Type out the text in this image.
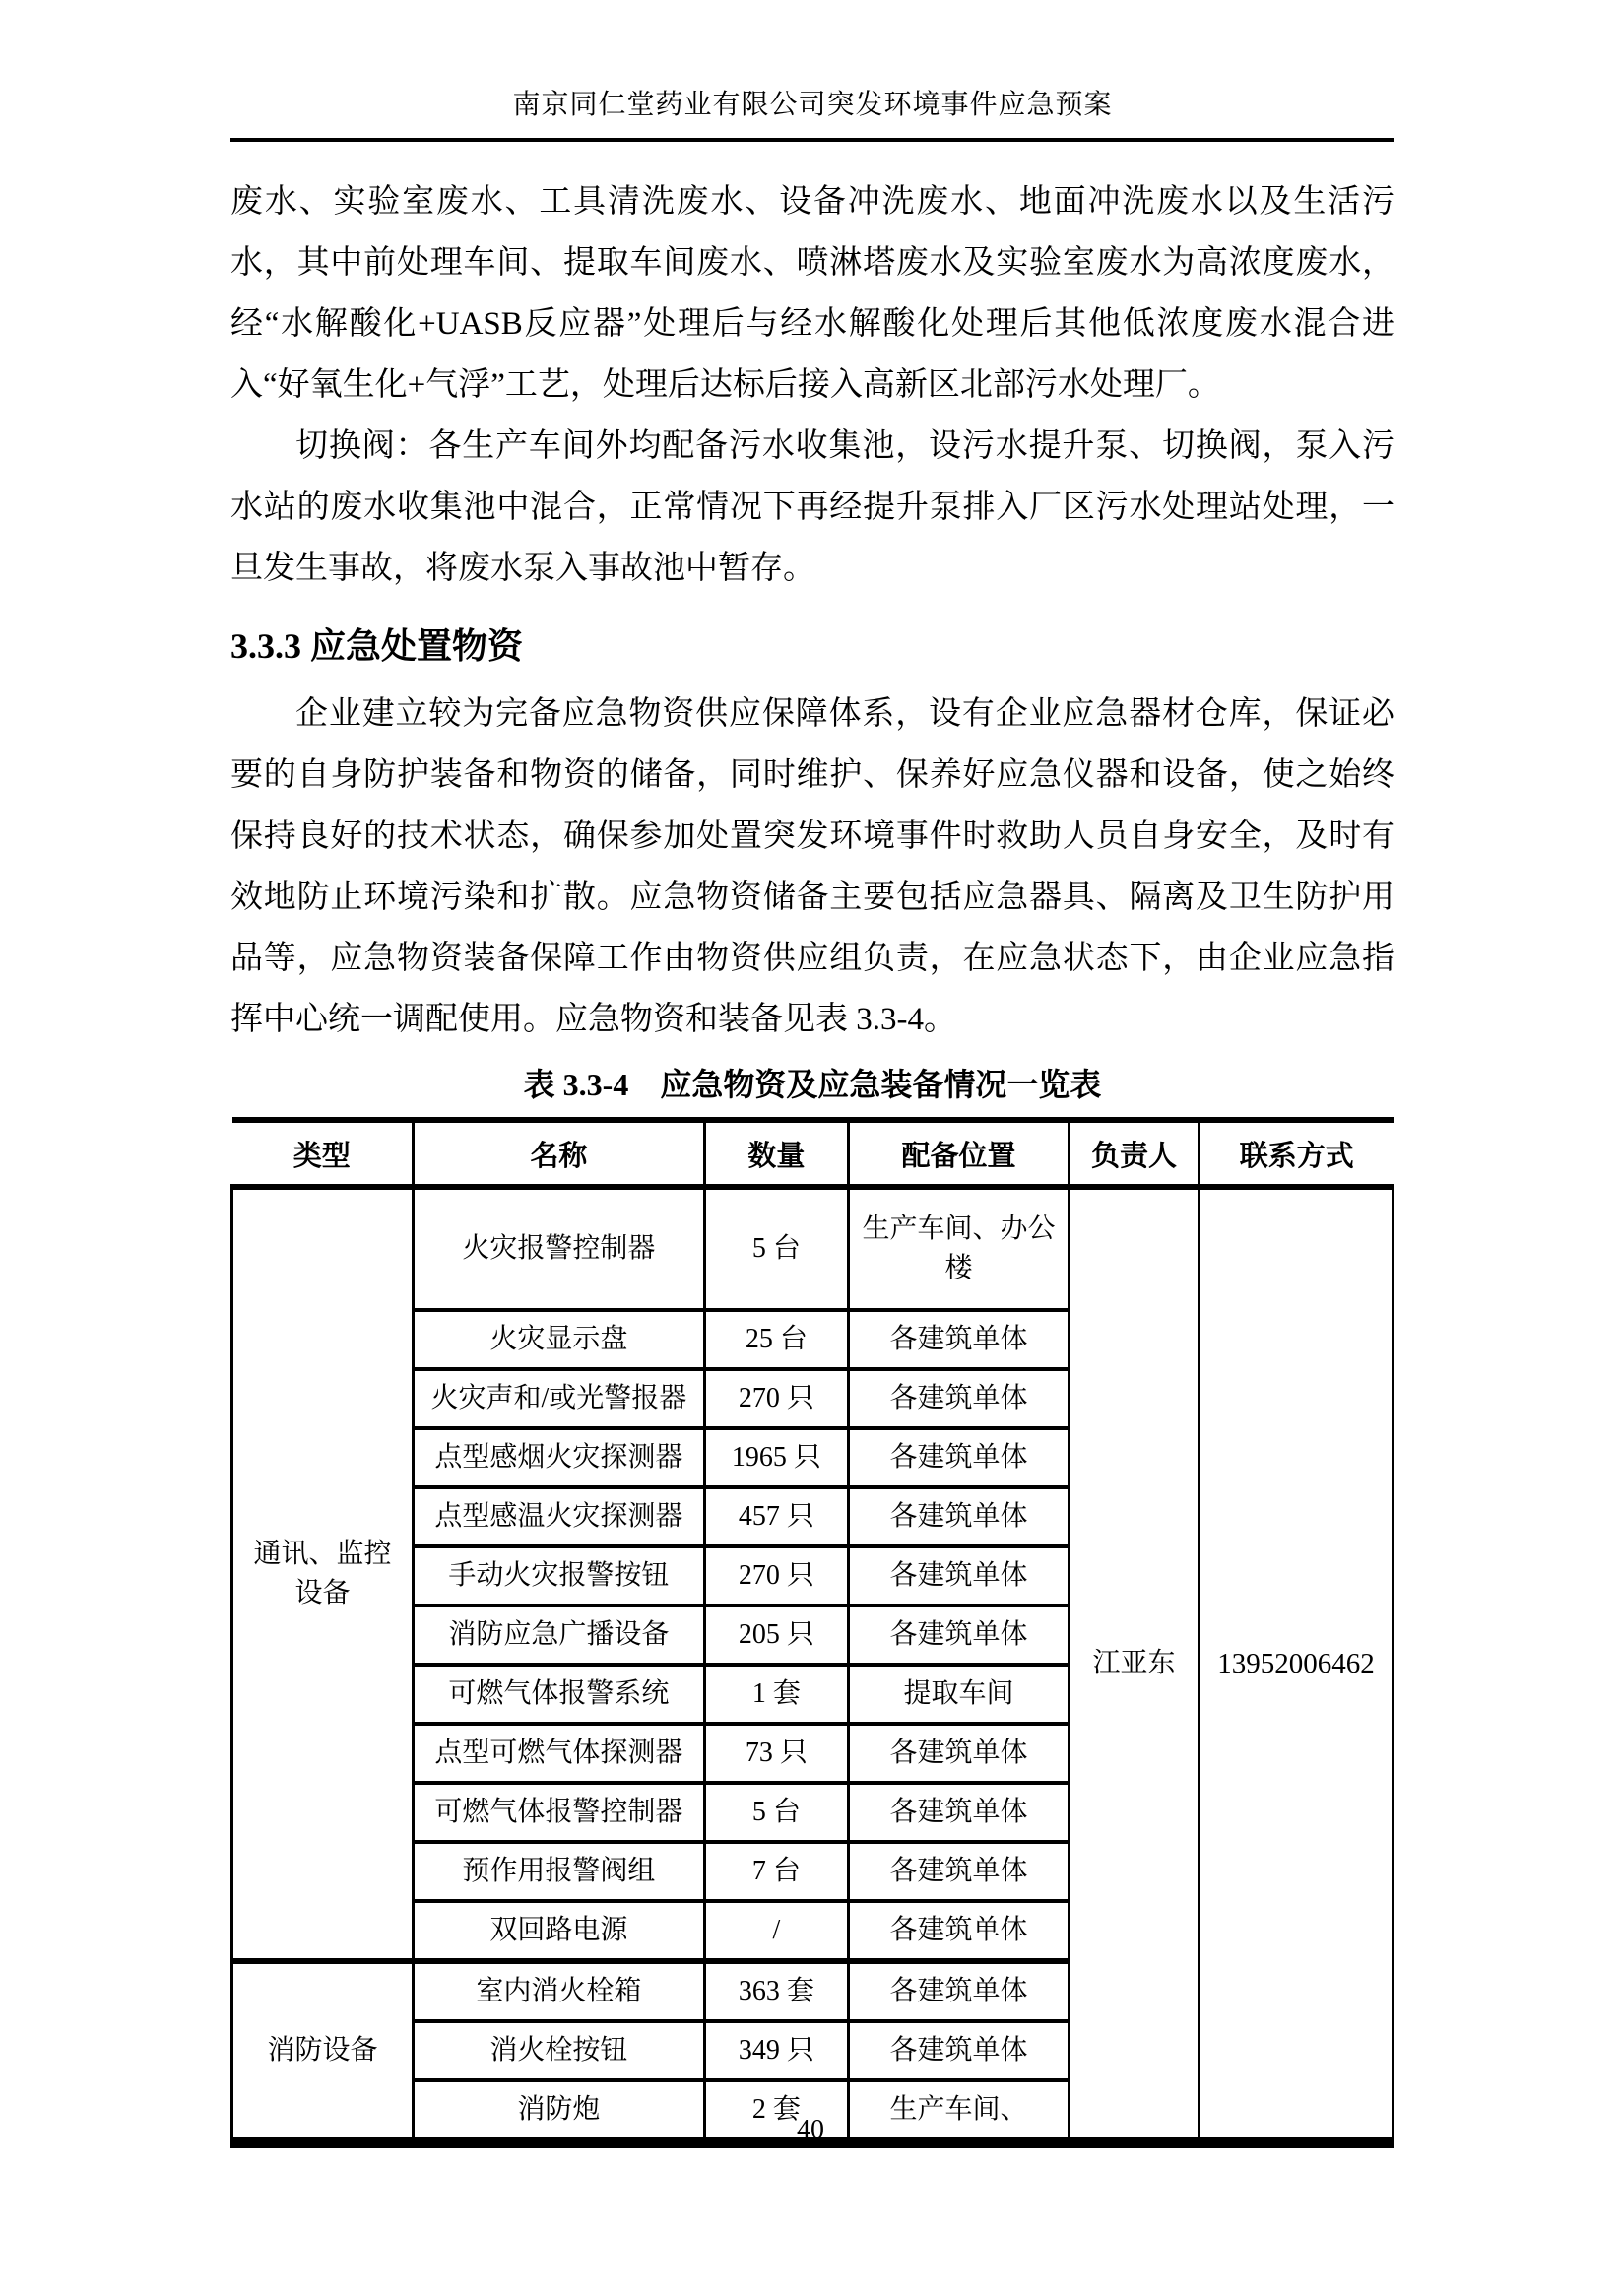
南京同仁堂药业有限公司突发环境事件应急预案

废水、实验室废水、工具清洗废水、设备冲洗废水、地面冲洗废水以及生活污水，其中前处理车间、提取车间废水、喷淋塔废水及实验室废水为高浓度废水，经“水解酸化+UASB反应器”处理后与经水解酸化处理后其他低浓度废水混合进入“好氧生化+气浮”工艺，处理后达标后接入高新区北部污水处理厂。

切换阀：各生产车间外均配备污水收集池，设污水提升泵、切换阀，泵入污水站的废水收集池中混合，正常情况下再经提升泵排入厂区污水处理站处理，一旦发生事故，将废水泵入事故池中暂存。

3.3.3 应急处置物资

企业建立较为完备应急物资供应保障体系，设有企业应急器材仓库，保证必要的自身防护装备和物资的储备，同时维护、保养好应急仪器和设备，使之始终保持良好的技术状态，确保参加处置突发环境事件时救助人员自身安全，及时有效地防止环境污染和扩散。应急物资储备主要包括应急器具、隔离及卫生防护用品等，应急物资装备保障工作由物资供应组负责，在应急状态下，由企业应急指挥中心统一调配使用。应急物资和装备见表 3.3-4。

表 3.3-4　应急物资及应急装备情况一览表
类型	名称	数量	配备位置	负责人	联系方式
通讯、监控设备	火灾报警控制器	5 台	生产车间、办公楼	江亚东	13952006462
	火灾显示盘	25 台	各建筑单体		
	火灾声和/或光警报器	270 只	各建筑单体		
	点型感烟火灾探测器	1965 只	各建筑单体		
	点型感温火灾探测器	457 只	各建筑单体		
	手动火灾报警按钮	270 只	各建筑单体		
	消防应急广播设备	205 只	各建筑单体		
	可燃气体报警系统	1 套	提取车间		
	点型可燃气体探测器	73 只	各建筑单体		
	可燃气体报警控制器	5 台	各建筑单体		
	预作用报警阀组	7 台	各建筑单体		
	双回路电源	/	各建筑单体		
消防设备	室内消火栓箱	363 套	各建筑单体		
	消火栓按钮	349 只	各建筑单体		
	消防炮	2 套	生产车间、		
40
